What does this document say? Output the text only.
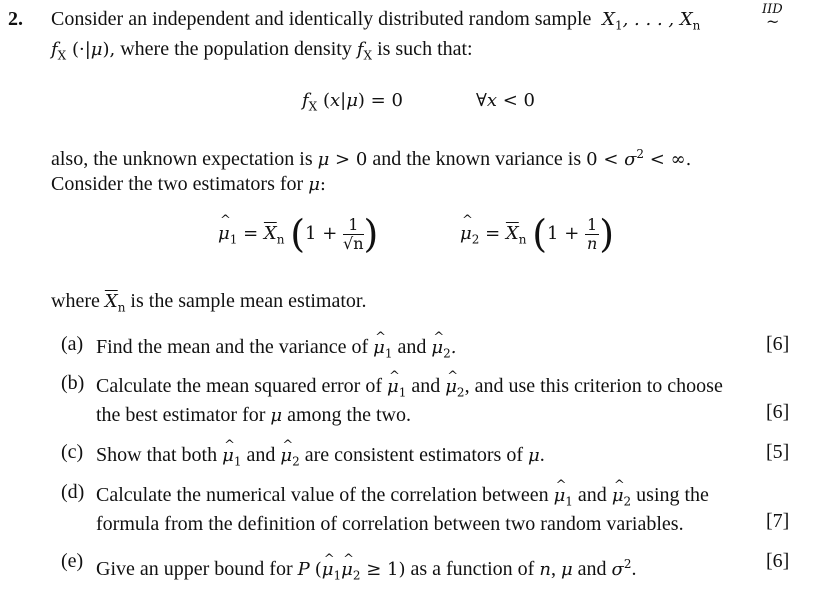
2. Consider an independent and identically distributed random sample  $X_1$, . . . , $X_n$
IID
~
$f_X$ (·|μ), where the population density $f_X$ is such that:
$f_X$ (x|μ) = 0	∀x < 0
also, the unknown expectation is μ > 0 and the known variance is $0 < \sigma^2$ < ∞.
Consider the two estimators for μ:
μ $\^{}_1 = \overline{X}_n$ ($1 + \frac{1}{√n}$ )	μ $\^{}_2 = \overline{X}_n$ ($1 + \frac{1}{n}$ )
where $\overline{X}_n$ is the sample mean estimator.
(a) Find the mean and the variance of μ $\^{}_1$ and μ $\^{}_2$.	[6]
(b) Calculate the mean squared error of μ $\^{}_1$ and μ $\^{}_2$, and use this criterion to choose
the best estimator for μ among the two.	[6]
(c) Show that both μ $\^{}_1$ and μ $\^{}_2$ are consistent estimators of μ.	[5]
(d) Calculate the numerical value of the correlation between μ $\^{}_1$ and μ $\^{}_2$ using the
formula from the definition of correlation between two random variables.	[7]
(e) Give an upper bound for P (μ $\^{}_1\mu$ $\^{}_2 \ge 1$) as a function of n, μ and $\sigma^2$.	[6]
